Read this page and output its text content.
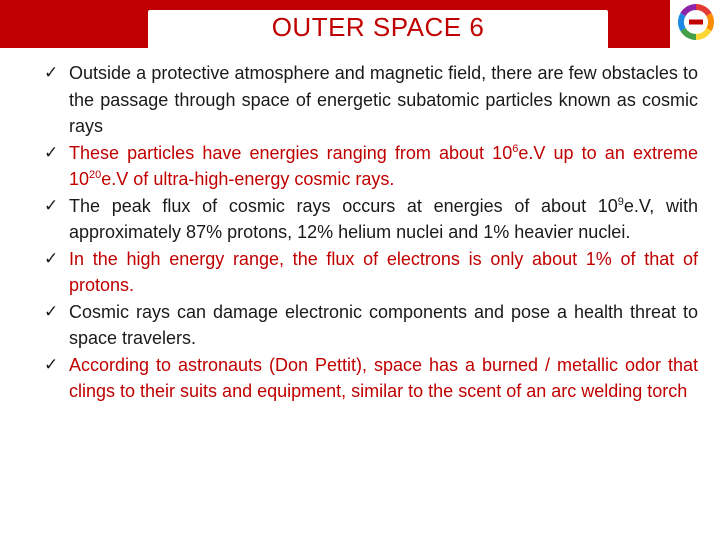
OUTER SPACE 6
✓ Outside a protective atmosphere and magnetic field, there are few obstacles to the passage through space of energetic subatomic particles known as cosmic rays
✓ These particles have energies ranging from about $10^6e.V$ up to an extreme $10^{20}e.V$ of ultra-high-energy cosmic rays.
✓ The peak flux of cosmic rays occurs at energies of about $10^9e.V$, with approximately 87% protons, 12% helium nuclei and 1% heavier nuclei.
✓ In the high energy range, the flux of electrons is only about 1% of that of protons.
✓ Cosmic rays can damage electronic components and pose a health threat to space travelers.
✓ According to astronauts (Don Pettit), space has a burned / metallic odor that clings to their suits and equipment, similar to the scent of an arc welding torch
